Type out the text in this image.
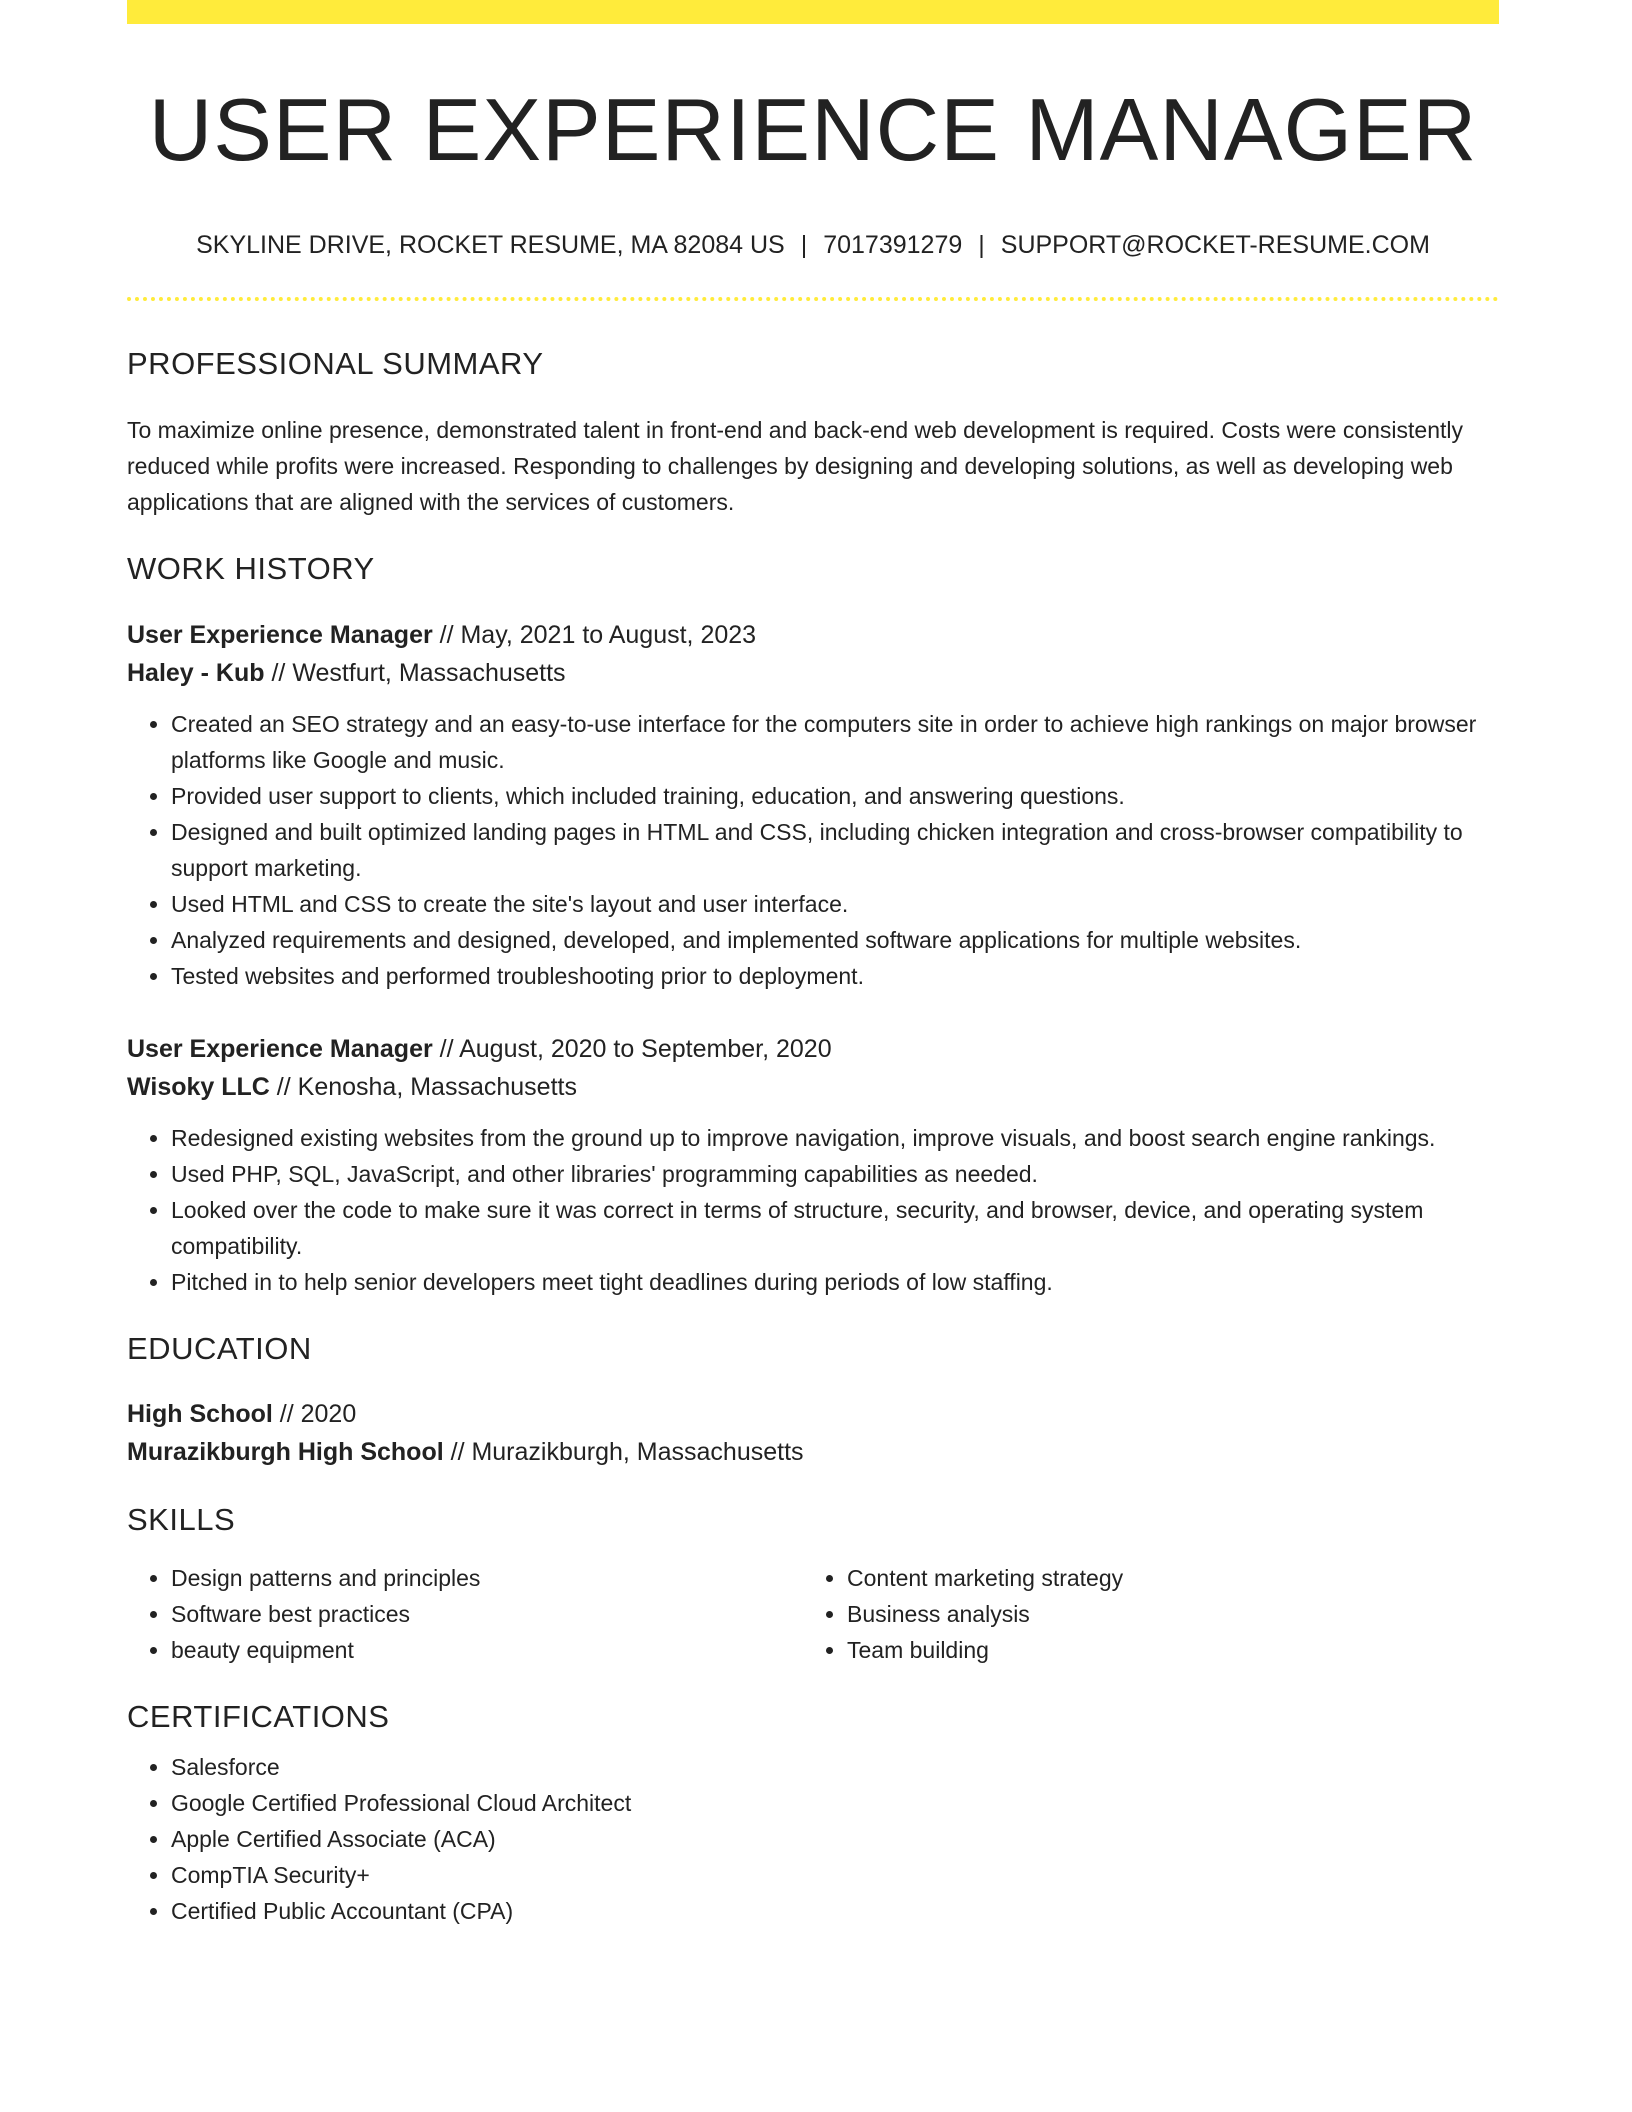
USER EXPERIENCE MANAGER
SKYLINE DRIVE, ROCKET RESUME, MA 82084 US | 7017391279 | SUPPORT@ROCKET-RESUME.COM
PROFESSIONAL SUMMARY

To maximize online presence, demonstrated talent in front-end and back-end web development is required. Costs were consistently reduced while profits were increased. Responding to challenges by designing and developing solutions, as well as developing web applications that are aligned with the services of customers.

WORK HISTORY

User Experience Manager // May, 2021 to August, 2023

Haley - Kub // Westfurt, Massachusetts

• Created an SEO strategy and an easy-to-use interface for the computers site in order to achieve high rankings on major browser platforms like Google and music.
• Provided user support to clients, which included training, education, and answering questions.
• Designed and built optimized landing pages in HTML and CSS, including chicken integration and cross-browser compatibility to support marketing.
• Used HTML and CSS to create the site's layout and user interface.
• Analyzed requirements and designed, developed, and implemented software applications for multiple websites.
• Tested websites and performed troubleshooting prior to deployment.

User Experience Manager // August, 2020 to September, 2020

Wisoky LLC // Kenosha, Massachusetts

• Redesigned existing websites from the ground up to improve navigation, improve visuals, and boost search engine rankings.
• Used PHP, SQL, JavaScript, and other libraries' programming capabilities as needed.
• Looked over the code to make sure it was correct in terms of structure, security, and browser, device, and operating system compatibility.
• Pitched in to help senior developers meet tight deadlines during periods of low staffing.
EDUCATION

High School // 2020

Murazikburgh High School // Murazikburgh, Massachusetts

SKILLS
• Design patterns and principles
• Software best practices
• beauty equipment
• Content marketing strategy
• Business analysis
• Team building
CERTIFICATIONS
• Salesforce
• Google Certified Professional Cloud Architect
• Apple Certified Associate (ACA)
• CompTIA Security+
• Certified Public Accountant (CPA)
